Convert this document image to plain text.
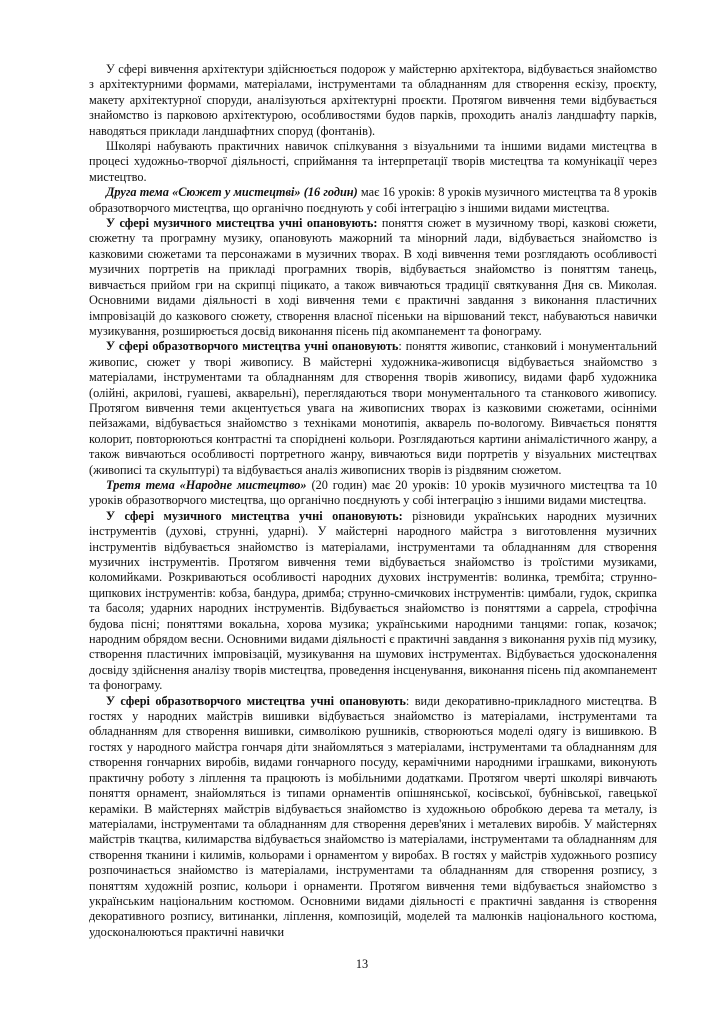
У сфері вивчення архітектури здійснюється подорож у майстерню архітектора, відбувається знайомство з архітектурними формами, матеріалами, інструментами та обладнанням для створення ескізу, проєкту, макету архітектурної споруди, аналізуються архітектурні проєкти. Протягом вивчення теми відбувається знайомство із парковою архітектурою, особливостями будов парків, проходить аналіз ландшафту парків, наводяться приклади ландшафтних споруд (фонтанів).

Школярі набувають практичних навичок спілкування з візуальними та іншими видами мистецтва в процесі художньо-творчої діяльності, сприймання та інтерпретації творів мистецтва та комунікації через мистецтво.

Друга тема «Сюжет у мистецтві» (16 годин) має 16 уроків: 8 уроків музичного мистецтва та 8 уроків образотворчого мистецтва, що органічно поєднують у собі інтеграцію з іншими видами мистецтва.

У сфері музичного мистецтва учні опановують: поняття сюжет в музичному творі, казкові сюжети, сюжетну та програмну музику, опановують мажорний та мінорний лади, відбувається знайомство із казковими сюжетами та персонажами в музичних творах. В ході вивчення теми розглядають особливості музичних портретів на прикладі програмних творів, відбувається знайомство із поняттям танець, вивчається прийом гри на скрипці піцикато, а також вивчаються традиції святкування Дня св. Миколая. Основними видами діяльності в ході вивчення теми є практичні завдання з виконання пластичних імпровізацій до казкового сюжету, створення власної пісеньки на віршований текст, набуваються навички музикування, розширюється досвід виконання пісень під акомпанемент та фонограму.

У сфері образотворчого мистецтва учні опановують: поняття живопис, станковий і монументальний живопис, сюжет у творі живопису. В майстерні художника-живописця відбувається знайомство з матеріалами, інструментами та обладнанням для створення творів живопису, видами фарб художника (олійні, акрилові, гуашеві, акварельні), переглядаються твори монументального та станкового живопису. Протягом вивчення теми акцентується увага на живописних творах із казковими сюжетами, осінніми пейзажами, відбувається знайомство з техніками монотипія, акварель по-вологому. Вивчається поняття колорит, повторюються контрастні та споріднені кольори. Розглядаються картини анімалістичного жанру, а також вивчаються особливості портретного жанру, вивчаються види портретів у візуальних мистецтвах (живописі та скульптурі) та відбувається аналіз живописних творів із різдвяним сюжетом.

Третя тема «Народне мистецтво» (20 годин) має 20 уроків: 10 уроків музичного мистецтва та 10 уроків образотворчого мистецтва, що органічно поєднують у собі інтеграцію з іншими видами мистецтва.

У сфері музичного мистецтва учні опановують: різновиди українських народних музичних інструментів (духові, струнні, ударні). У майстерні народного майстра з виготовлення музичних інструментів відбувається знайомство із матеріалами, інструментами та обладнанням для створення музичних інструментів. Протягом вивчення теми відбувається знайомство із троїстими музиками, коломийками. Розкриваються особливості народних духових інструментів: волинка, трембіта; струнно-щипкових інструментів: кобза, бандура, дримба; струнно-смичкових інструментів: цимбали, гудок, скрипка та басоля; ударних народних інструментів. Відбувається знайомство із поняттями а cappela, строфічна будова пісні; поняттями вокальна, хорова музика; українськими народними танцями: гопак, козачок; народним обрядом весни. Основними видами діяльності є практичні завдання з виконання рухів під музику, створення пластичних імпровізацій, музикування на шумових інструментах. Відбувається удосконалення досвіду здійснення аналізу творів мистецтва, проведення інсценування, виконання пісень під акомпанемент та фонограму.

У сфері образотворчого мистецтва учні опановують: види декоративно-прикладного мистецтва. В гостях у народних майстрів вишивки відбувається знайомство із матеріалами, інструментами та обладнанням для створення вишивки, символікою рушників, створюються моделі одягу із вишивкою. В гостях у народного майстра гончаря діти знайомляться з матеріалами, інструментами та обладнанням для створення гончарних виробів, видами гончарного посуду, керамічними народними іграшками, виконують практичну роботу з ліплення та працюють із мобільними додатками. Протягом чверті школярі вивчають поняття орнамент, знайомляться із типами орнаментів опішнянської, косівської, бубнівської, гавецької кераміки. В майстернях майстрів відбувається знайомство із художньою обробкою дерева та металу, із матеріалами, інструментами та обладнанням для створення дерев'яних і металевих виробів. У майстернях майстрів ткацтва, килимарства відбувається знайомство із матеріалами, інструментами та обладнанням для створення тканини і килимів, кольорами і орнаментом у виробах. В гостях у майстрів художнього розпису розпочинається знайомство із матеріалами, інструментами та обладнанням для створення розпису, з поняттям художній розпис, кольори і орнаменти. Протягом вивчення теми відбувається знайомство з українським національним костюмом. Основними видами діяльності є практичні завдання із створення декоративного розпису, витинанки, ліплення, композицій, моделей та малюнків національного костюма, удосконалюються практичні навички

13
